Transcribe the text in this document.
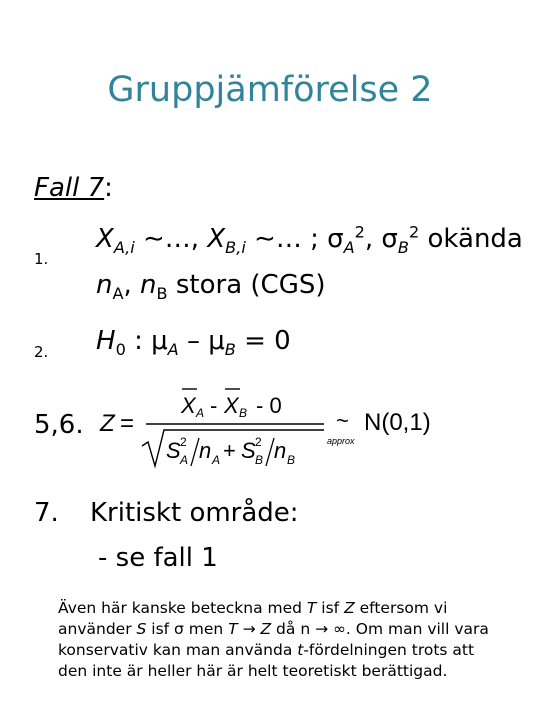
Gruppjämförelse 2
Fall 7:
1.
$X_{A,i}$ ∼…, $X_{B,i}$ ∼… ; $\sigma_A^2$, $\sigma_B^2$ okända
$n_A$, $n_B$ stora (CGS)
2. $H_0$ : $\mu_A - \mu_B = 0$
5,6. Z =
X A - X B - 0
S 2
A n A + S 2
B n B
~
approx
N(0,1)
7. Kritiskt område:
- se fall 1
Även här kanske beteckna med T isf Z eftersom vi använder S isf σ men T → Z då n → ∞. Om man vill vara konservativ kan man använda t-fördelningen trots att den inte är heller här är helt teoretiskt berättigad.
